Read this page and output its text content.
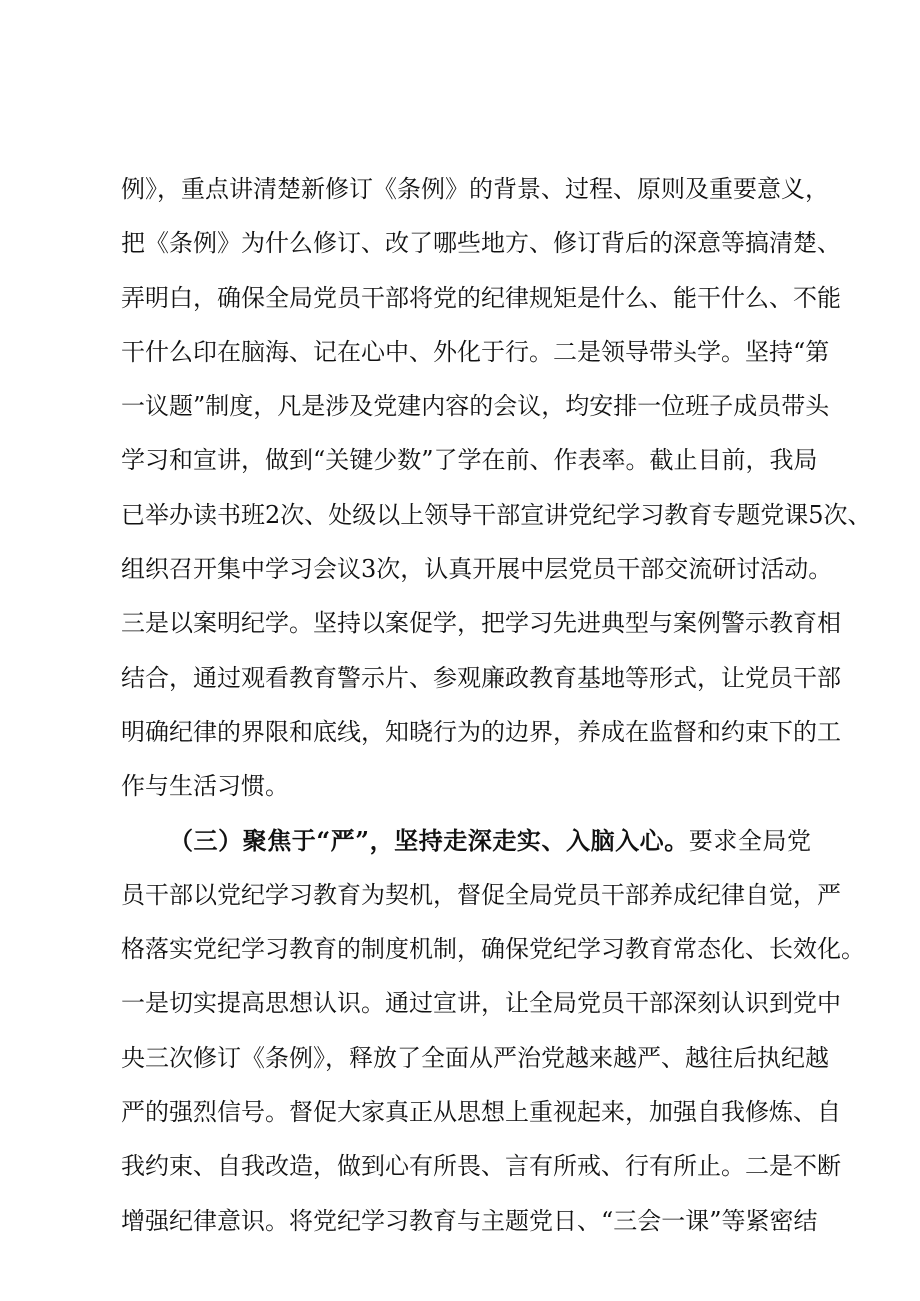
例》，重点讲清楚新修订《条例》的背景、过程、原则及重要意义，
把《条例》为什么修订、改了哪些地方、修订背后的深意等搞清楚、
弄明白，确保全局党员干部将党的纪律规矩是什么、能干什么、不能
干什么印在脑海、记在心中、外化于行。二是领导带头学。坚持“第
一议题”制度，凡是涉及党建内容的会议，均安排一位班子成员带头
学习和宣讲，做到“关键少数”了学在前、作表率。截止目前，我局
已举办读书班2次、处级以上领导干部宣讲党纪学习教育专题党课5次、
组织召开集中学习会议3次，认真开展中层党员干部交流研讨活动。
三是以案明纪学。坚持以案促学，把学习先进典型与案例警示教育相
结合，通过观看教育警示片、参观廉政教育基地等形式，让党员干部
明确纪律的界限和底线，知晓行为的边界，养成在监督和约束下的工
作与生活习惯。
（三）聚焦于“严”，坚持走深走实、入脑入心。要求全局党
员干部以党纪学习教育为契机，督促全局党员干部养成纪律自觉，严
格落实党纪学习教育的制度机制，确保党纪学习教育常态化、长效化。
一是切实提高思想认识。通过宣讲，让全局党员干部深刻认识到党中
央三次修订《条例》，释放了全面从严治党越来越严、越往后执纪越
严的强烈信号。督促大家真正从思想上重视起来，加强自我修炼、自
我约束、自我改造，做到心有所畏、言有所戒、行有所止。二是不断
增强纪律意识。将党纪学习教育与主题党日、“三会一课”等紧密结
